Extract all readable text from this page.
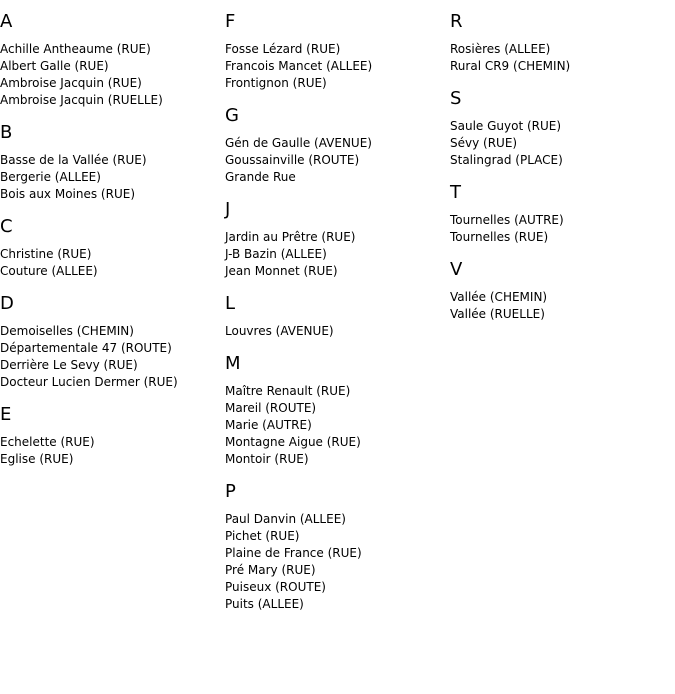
A
Achille Antheaume (RUE)
Albert Galle (RUE)
Ambroise Jacquin (RUE)
Ambroise Jacquin (RUELLE)
B
Basse de la Vallée (RUE)
Bergerie (ALLEE)
Bois aux Moines (RUE)
C
Christine (RUE)
Couture (ALLEE)
D
Demoiselles (CHEMIN)
Départementale 47 (ROUTE)
Derrière Le Sevy (RUE)
Docteur Lucien Dermer (RUE)
E
Echelette (RUE)
Eglise (RUE)
F
Fosse Lézard (RUE)
Francois Mancet (ALLEE)
Frontignon (RUE)
G
Gén de Gaulle (AVENUE)
Goussainville (ROUTE)
Grande Rue
J
Jardin au Prêtre (RUE)
J-B Bazin (ALLEE)
Jean Monnet (RUE)
L
Louvres (AVENUE)
M
Maître Renault (RUE)
Mareil (ROUTE)
Marie (AUTRE)
Montagne Aigue (RUE)
Montoir (RUE)
P
Paul Danvin (ALLEE)
Pichet (RUE)
Plaine de France (RUE)
Pré Mary (RUE)
Puiseux (ROUTE)
Puits (ALLEE)
R
Rosières (ALLEE)
Rural CR9 (CHEMIN)
S
Saule Guyot (RUE)
Sévy (RUE)
Stalingrad (PLACE)
T
Tournelles (AUTRE)
Tournelles (RUE)
V
Vallée (CHEMIN)
Vallée (RUELLE)
